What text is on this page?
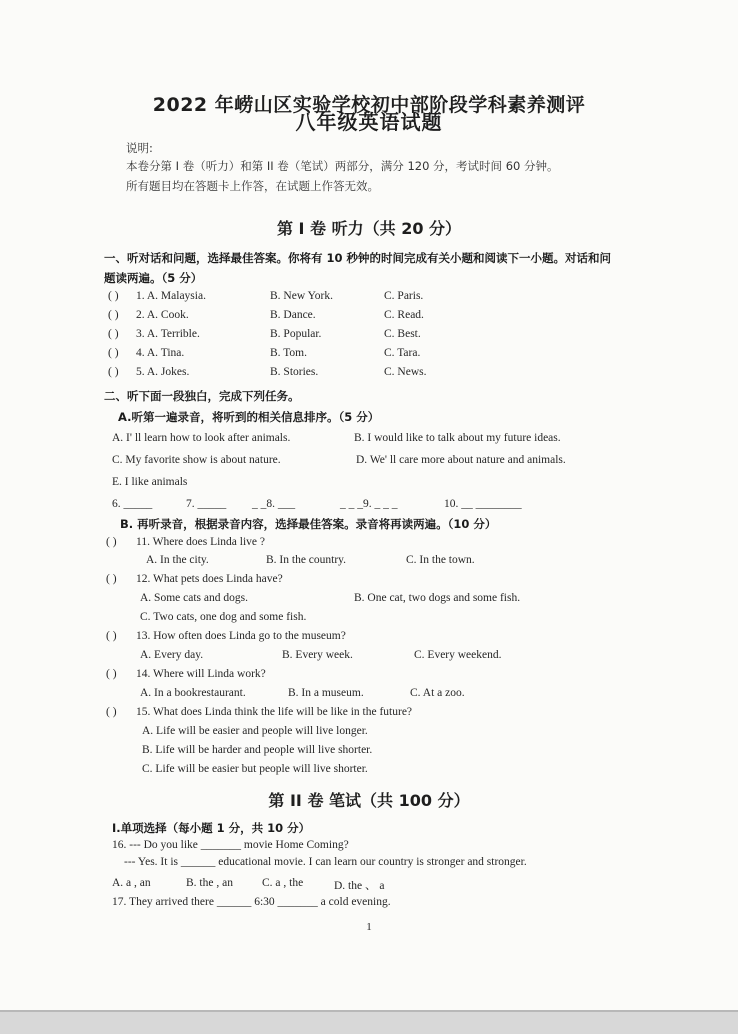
2022 年崂山区实验学校初中部阶段学科素养测评
八年级英语试题
说明:
本卷分第 I 卷（听力）和第 II 卷（笔试）两部分，满分 120 分，考试时间 60 分钟。
所有题目均在答题卡上作答，在试题上作答无效。
第 I 卷 听力（共 20 分）
一、听对话和问题，选择最佳答案。你将有 10 秒钟的时间完成有关小题和阅读下一小题。对话和问
题读两遍。（5 分）
( ) 1. A. Malaysia.	B. New York.	C. Paris.
( ) 2. A. Cook.	B. Dance.	C. Read.
( ) 3. A. Terrible.	B. Popular.	C. Best.
( ) 4. A. Tina.	B. Tom.	C. Tara.
( ) 5. A. Jokes.	B. Stories.	C. News.
二、听下面一段独白，完成下列任务。
A.听第一遍录音，将听到的相关信息排序。（5 分）
A. I' ll learn how to look after animals.	B. I would like to talk about my future ideas.
C. My favorite show is about nature.	D. We' ll care more about nature and animals.
E. I like animals
6. _____	7. _____ _ _8. ___	_ _ _9. _ _ _	10. __ ________
B. 再听录音，根据录音内容，选择最佳答案。录音将再读两遍。（10 分）
( ) 11. Where does Linda live ?
A. In the city.	B. In the country.	C. In the town.
( ) 12. What pets does Linda have?
A. Some cats and dogs.	B. One cat, two dogs and some fish.
C. Two cats, one dog and some fish.
( ) 13. How often does Linda go to the museum?
A. Every day.	B. Every week.	C. Every weekend.
( ) 14. Where will Linda work?
A. In a bookrestaurant.	B. In a museum.	C. At a zoo.
( ) 15. What does Linda think the life will be like in the future?
A. Life will be easier and people will live longer.
B. Life will be harder and people will live shorter.
C. Life will be easier but people will live shorter.
第 II 卷 笔试（共 100 分）
I.单项选择（每小题 1 分，共 10 分）
16. --- Do you like _______ movie Home Coming?
--- Yes. It is ______ educational movie. I can learn our country is stronger and stronger.
A. a , an	B. the , an	C. a , the	D. the 、 a
17. They arrived there ______ 6:30 _______ a cold evening.
1
